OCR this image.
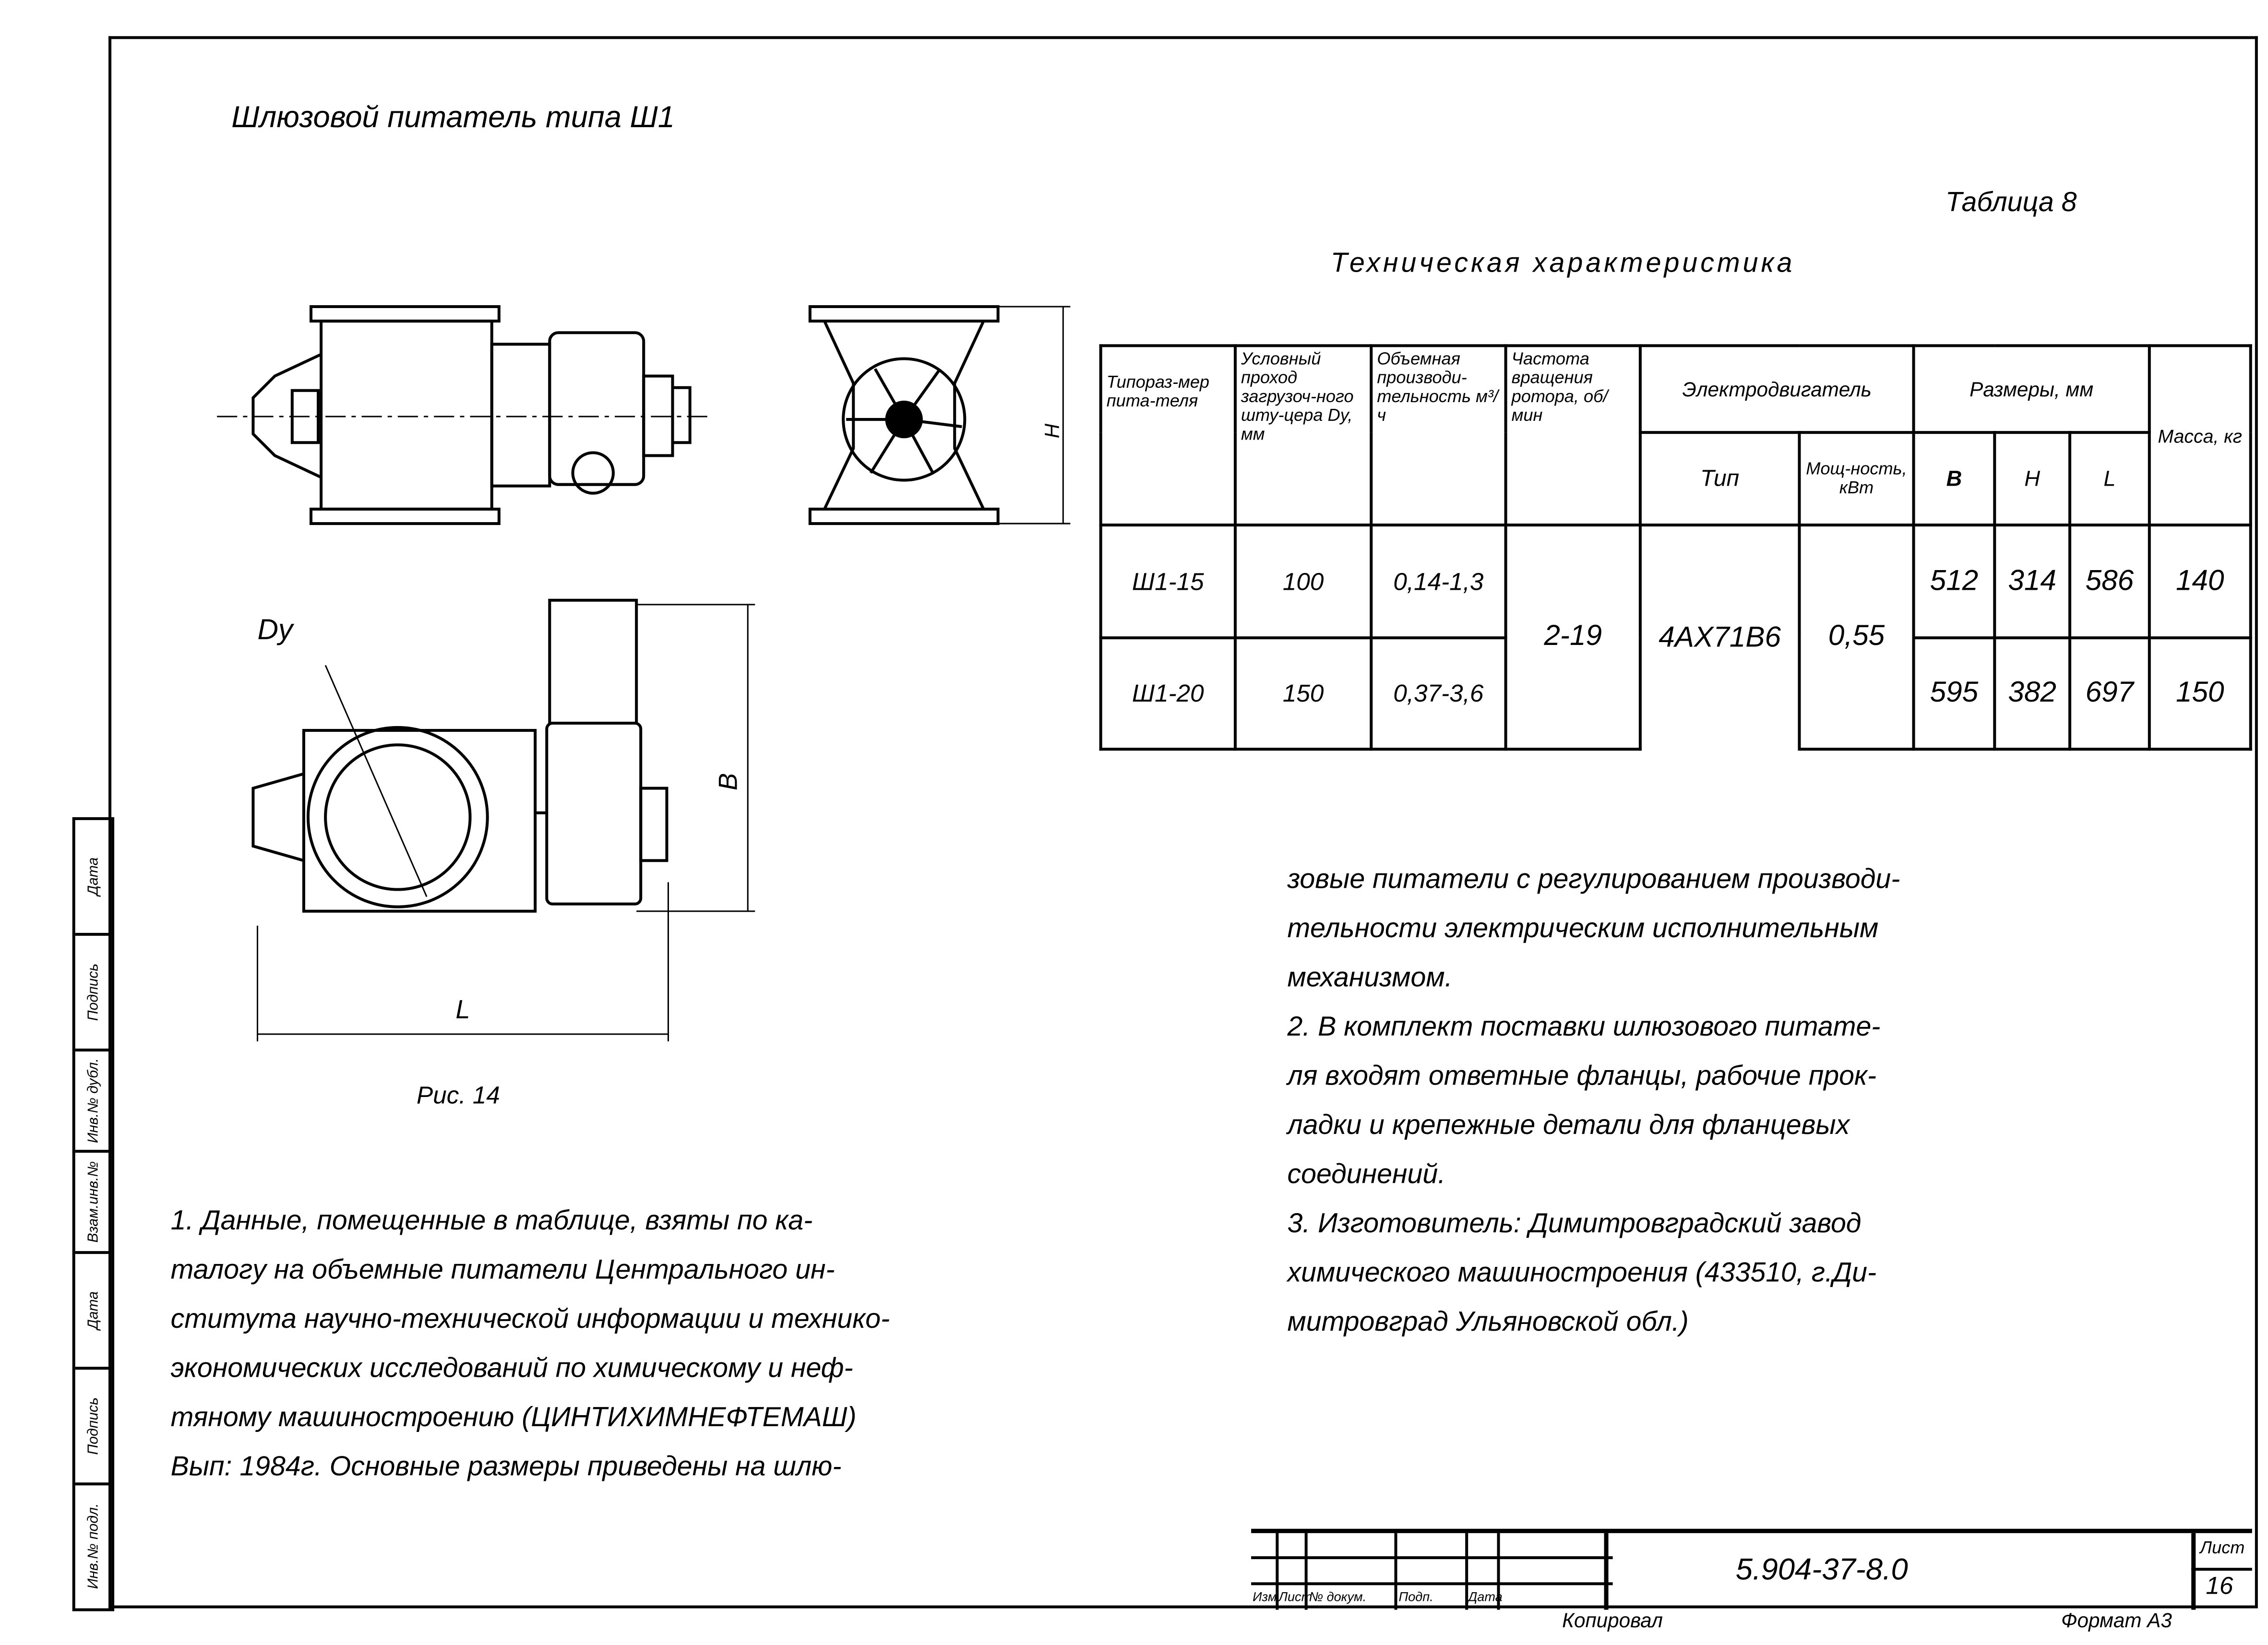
Шлюзовой питатель типа Ш1
Таблица 8
Техническая характеристика
Dу
В
L
Н
Рис. 14
Типораз-мер пита-теля	Условный проход загрузоч-ного шту-цера Dу, мм	Объемная производи-тельность м³/ч	Частота вращения ротора, об/мин	Электродвигатель		Размеры, мм			Масса, кг
				Тип	Мощ-ность, кВт	В	Н	L	
Ш1-15	100	0,14-1,3	2-19	4АХ71В6	0,55	512	314	586	140
Ш1-20	150	0,37-3,6				595	382	697	150
1. Данные, помещенные в таблице, взяты по ка-
талогу на объемные питатели Центрального ин-
ститута научно-технической информации и технико-
экономических исследований по химическому и неф-
тяному машиностроению (ЦИНТИХИМНЕФТЕМАШ)
Вып: 1984г. Основные размеры приведены на шлю-
зовые питатели с регулированием производи-
тельности электрическим исполнительным
механизмом.
2. В комплект поставки шлюзового питате-
ля входят ответные фланцы, рабочие прок-
ладки и крепежные детали для фланцевых
соединений.
3. Изготовитель: Димитровградский завод
химического машиностроения (433510, г.Ди-
митровград Ульяновской обл.)
Дата
Подпись
Инв.№ дубл.
Взам.инв.№
Дата
Подпись
Инв.№ подл.
Изм.
Лист
№ докум.	Подп.	Дата
5.904-37-8.0
Лист
16
Копировал	Формат А3
